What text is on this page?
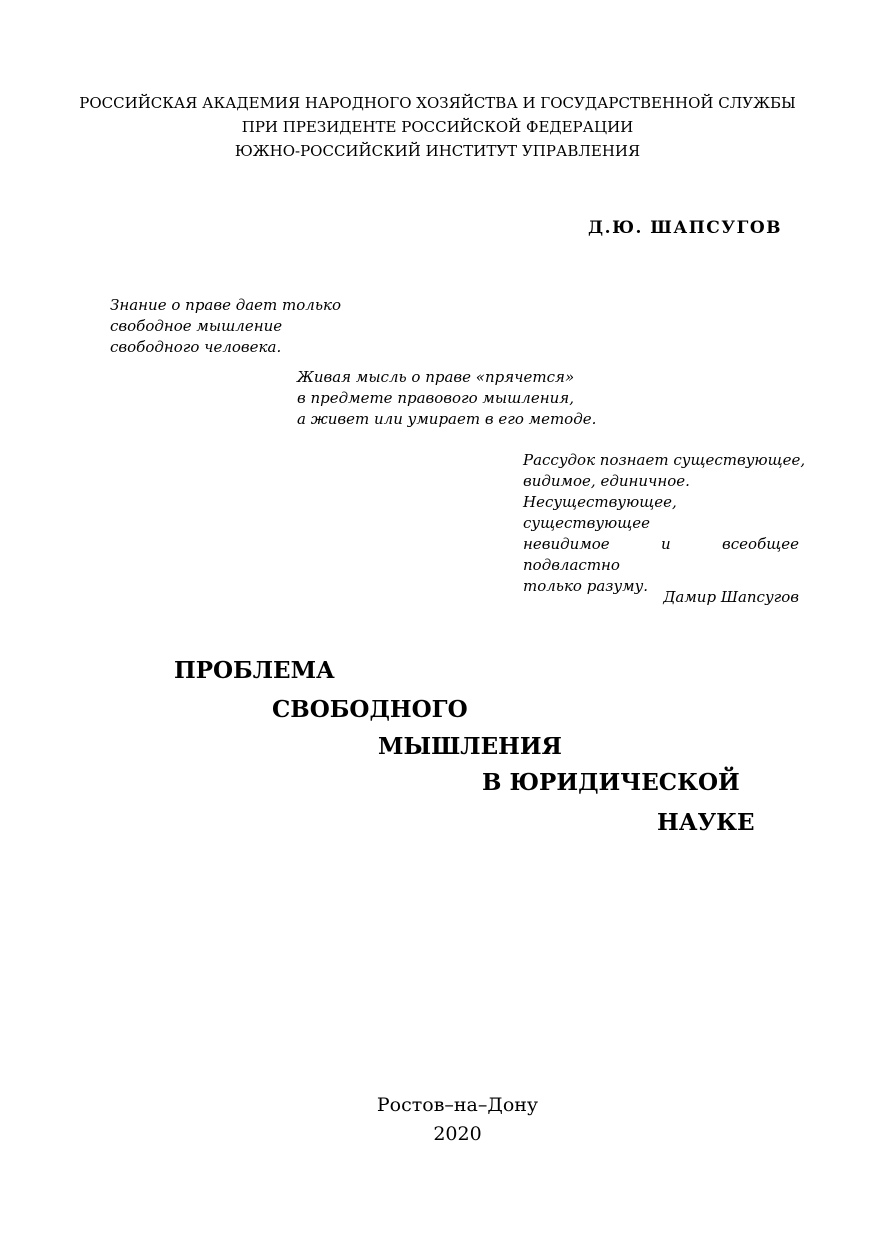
РОССИЙСКАЯ АКАДЕМИЯ НАРОДНОГО ХОЗЯЙСТВА И ГОСУДАРСТВЕННОЙ СЛУЖБЫ
ПРИ ПРЕЗИДЕНТЕ РОССИЙСКОЙ ФЕДЕРАЦИИ
ЮЖНО-РОССИЙСКИЙ ИНСТИТУТ УПРАВЛЕНИЯ
Д.Ю. ШАПСУГОВ
Знание о праве дает только
свободное мышление
свободного человека.
Живая мысль о праве «прячется»
в предмете правового мышления,
а живет или умирает в его методе.
Рассудок познает существующее,
видимое, единичное.
Несуществующее, существующее
невидимое и всеобщее подвластно
только разуму.
Дамир Шапсугов
ПРОБЛЕМА
СВОБОДНОГО
МЫШЛЕНИЯ
В ЮРИДИЧЕСКОЙ
НАУКЕ
Ростов–на–Дону
2020
